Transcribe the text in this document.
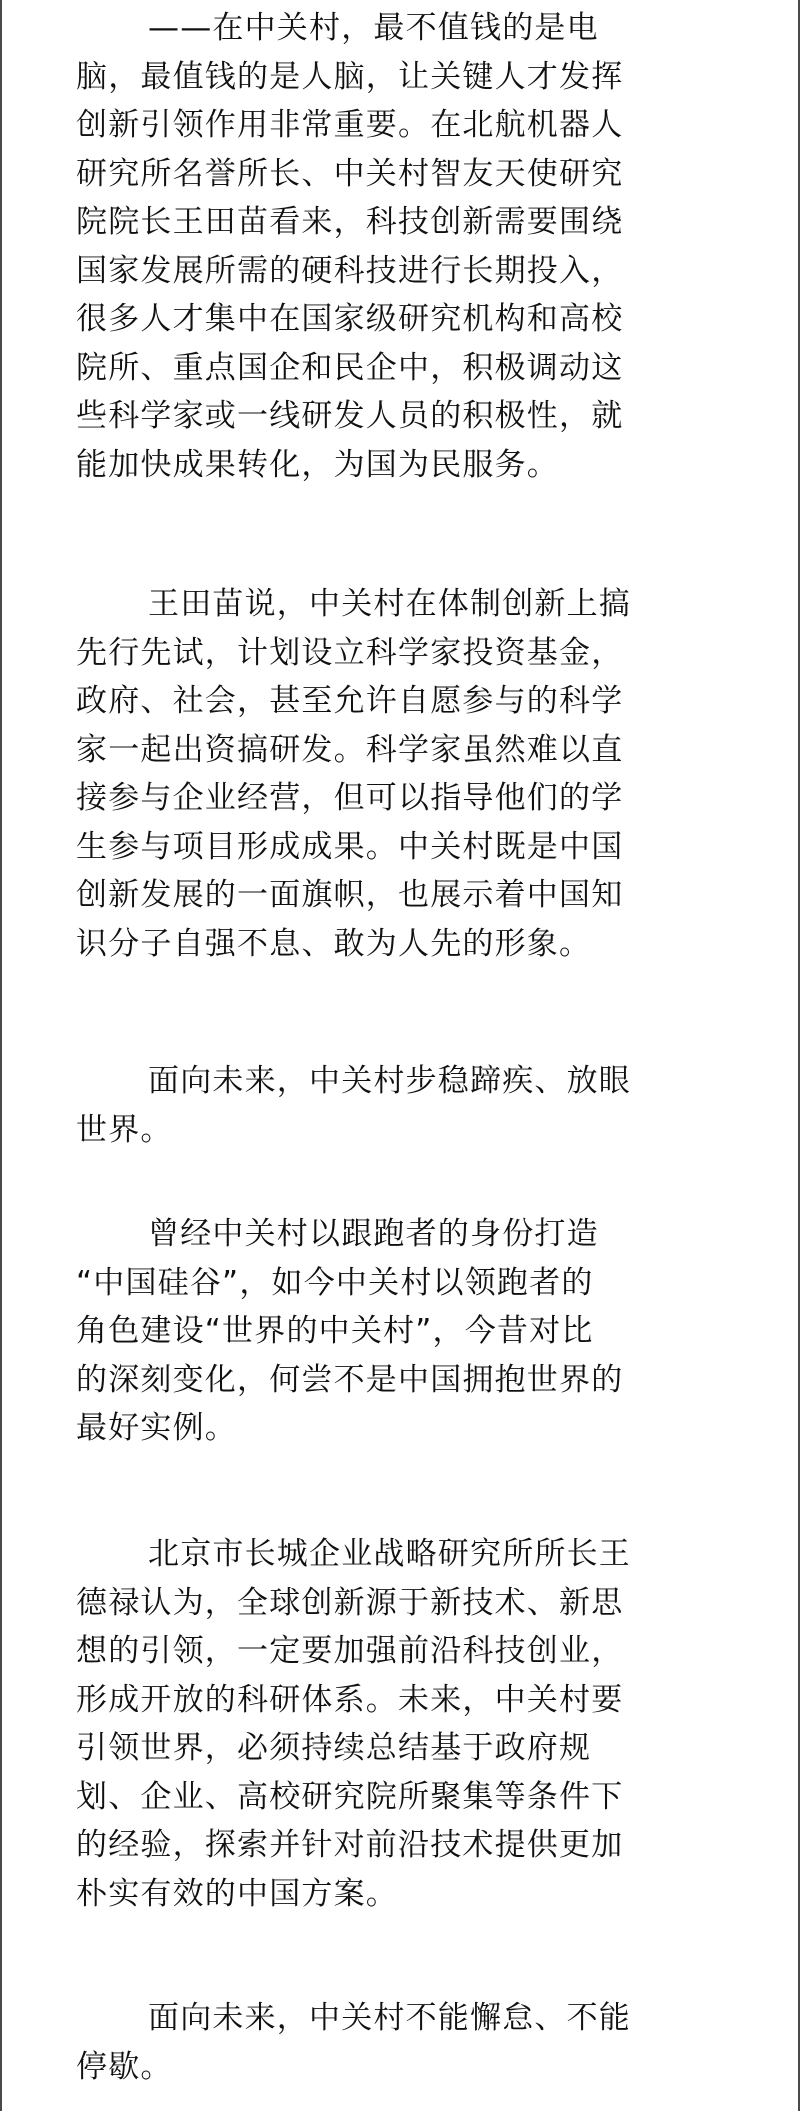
——在中关村，最不值钱的是电
脑，最值钱的是人脑，让关键人才发挥
创新引领作用非常重要。在北航机器人
研究所名誉所长、中关村智友天使研究
院院长王田苗看来，科技创新需要围绕
国家发展所需的硬科技进行长期投入，
很多人才集中在国家级研究机构和高校
院所、重点国企和民企中，积极调动这
些科学家或一线研发人员的积极性，就
能加快成果转化，为国为民服务。

王田苗说，中关村在体制创新上搞
先行先试，计划设立科学家投资基金，
政府、社会，甚至允许自愿参与的科学
家一起出资搞研发。科学家虽然难以直
接参与企业经营，但可以指导他们的学
生参与项目形成成果。中关村既是中国
创新发展的一面旗帜，也展示着中国知
识分子自强不息、敢为人先的形象。

面向未来，中关村步稳蹄疾、放眼
世界。

曾经中关村以跟跑者的身份打造
“中国硅谷”，如今中关村以领跑者的
角色建设“世界的中关村”，今昔对比
的深刻变化，何尝不是中国拥抱世界的
最好实例。

北京市长城企业战略研究所所长王
德禄认为，全球创新源于新技术、新思
想的引领，一定要加强前沿科技创业，
形成开放的科研体系。未来，中关村要
引领世界，必须持续总结基于政府规
划、企业、高校研究院所聚集等条件下
的经验，探索并针对前沿技术提供更加
朴实有效的中国方案。

面向未来，中关村不能懈怠、不能
停歇。
